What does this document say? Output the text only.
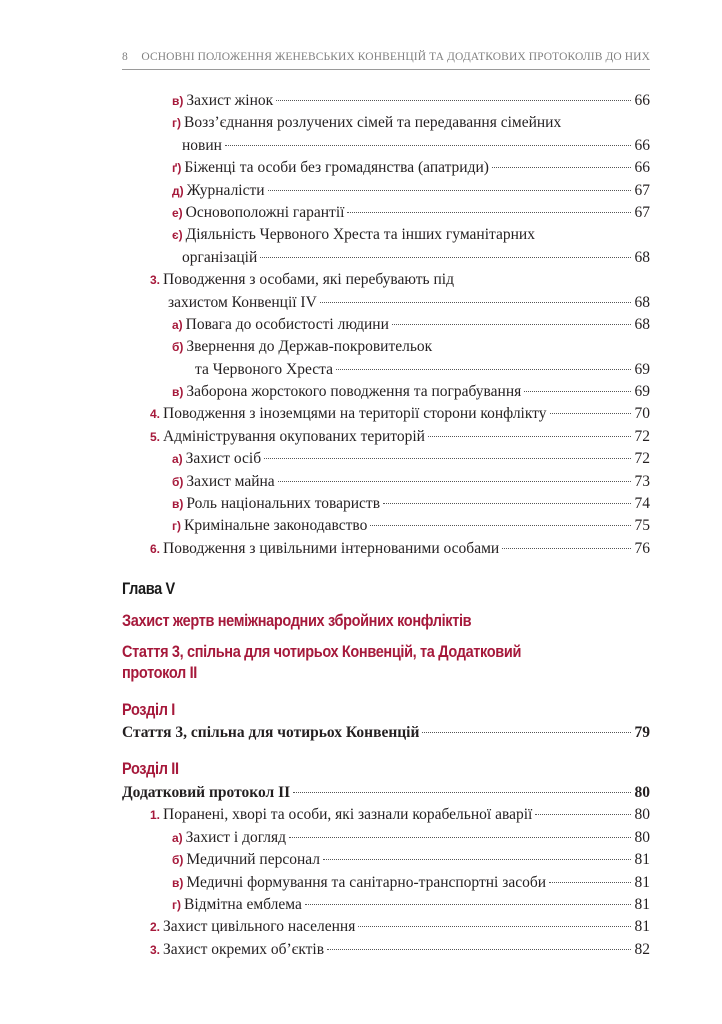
8 ОСНОВНІ ПОЛОЖЕННЯ ЖЕНЕВСЬКИХ КОНВЕНЦІЙ ТА ДОДАТКОВИХ ПРОТОКОЛІВ ДО НИХ
в) Захист жінок	66
г) Возз’єднання розлучених сімей та передавання сімейних
новин	66
ґ) Біженці та особи без громадянства (апатриди)	66
д) Журналісти	67
е) Основоположні гарантії	67
є) Діяльність Червоного Хреста та інших гуманітарних
організацій	68
3. Поводження з особами, які перебувають під
захистом Конвенції IV	68
а) Повага до особистості людини	68
б) Звернення до Держав-покровительок
та Червоного Хреста	69
в) Заборона жорстокого поводження та пограбування	69
4. Поводження з іноземцями на території сторони конфлікту	70
5. Адміністрування окупованих територій	72
а) Захист осіб	72
б) Захист майна	73
в) Роль національних товариств	74
г) Кримінальне законодавство	75
6. Поводження з цивільними інтернованими особами	76
Глава V
Захист жертв неміжнародних збройних конфліктів
Стаття 3, спільна для чотирьох Конвенцій, та Додатковий
протокол II
Розділ I
Стаття 3, спільна для чотирьох Конвенцій	79
Розділ II
Додатковий протокол II	80
1. Поранені, хворі та особи, які зазнали корабельної аварії	80
а) Захист і догляд	80
б) Медичний персонал	81
в) Медичні формування та санітарно-транспортні засоби	81
г) Відмітна емблема	81
2. Захист цивільного населення	81
3. Захист окремих об’єктів	82
